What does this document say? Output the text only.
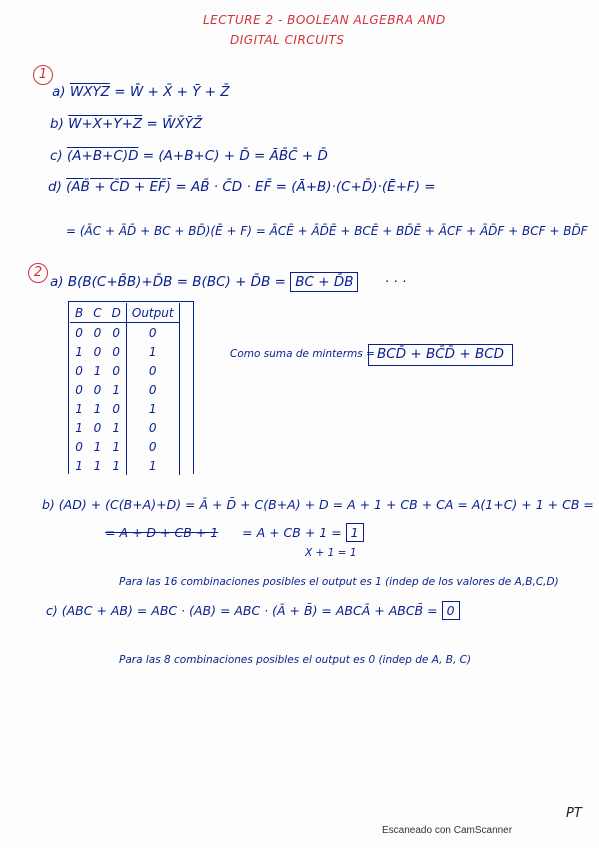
LECTURE 2 - BOOLEAN ALGEBRA AND
DIGITAL CIRCUITS
1
a) WXYZ = W̄ + X̄ + Ȳ + Z̄
b) W+X+Y+Z = W̄X̄ȲZ̄
c) (A+B+C)D = (A+B+C) + D̄ = ĀB̄C̄ + D̄
d) (AB̄ + C̄D + EF̄) = AB̄ · C̄D · EF̄ = (Ā+B)·(C+D̄)·(Ē+F) =
= (ĀC + ĀD̄ + BC + BD̄)(Ē + F) = ĀCĒ + ĀD̄Ē + BCĒ + BD̄Ē + ĀCF + ĀD̄F + BCF + BD̄F
2
a) B(B(C+B̄B)+D̄B = B(BC) + D̄B = BC + D̄B · · ·
B	C	D	Output
0	0	0	0
1	0	0	1
0	1	0	0
0	0	1	0
1	1	0	1
1	0	1	0
0	1	1	0
1	1	1	1
Como suma de minterms = BCD̄ + BC̄D̄ + BCD
b) (AD) + (C(B+A)+D) = Ā + D̄ + C(B+A) + D = A + 1 + CB + CA = A(1+C) + 1 + CB =
= A + D + CB + 1 = A + CB + 1 = 1
X + 1 = 1
Para las 16 combinaciones posibles el output es 1 (indep de los valores de A,B,C,D)
c) (ABC + AB) = ABC · (AB) = ABC · (Ā + B̄) = ABCĀ + ABCB̄ = 0
Para las 8 combinaciones posibles el output es 0 (indep de A, B, C)
PT
Escaneado con CamScanner
